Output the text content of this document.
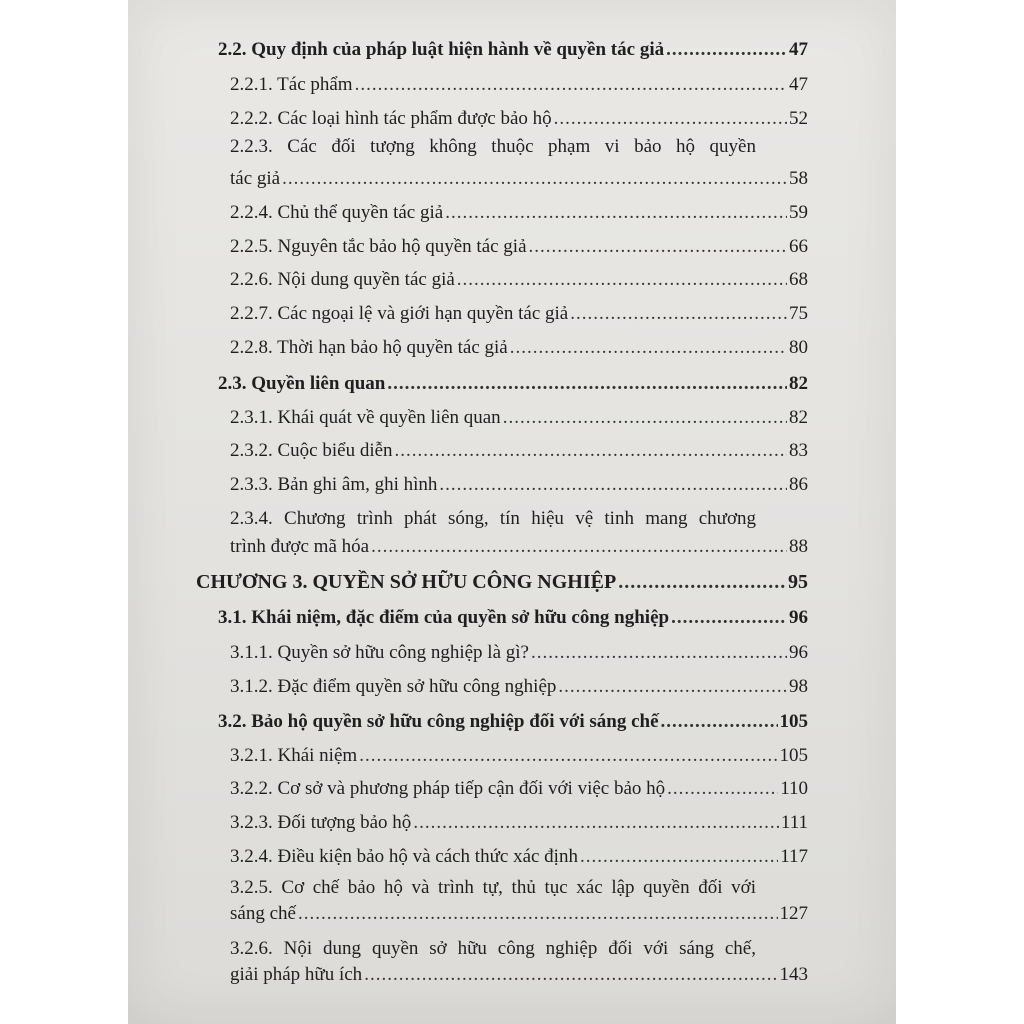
2.2. Quy định của pháp luật hiện hành về quyền tác giả .....	47
2.2.1. Tác phẩm .....	47
2.2.2. Các loại hình tác phẩm được bảo hộ .....	52
2.2.3. Các đối tượng không thuộc phạm vi bảo hộ quyền
tác giả .....	58
2.2.4. Chủ thể quyền tác giả .....	59
2.2.5. Nguyên tắc bảo hộ quyền tác giả .....	66
2.2.6. Nội dung quyền tác giả .....	68
2.2.7. Các ngoại lệ và giới hạn quyền tác giả .....	75
2.2.8. Thời hạn bảo hộ quyền tác giả .....	80
2.3. Quyền liên quan .....	82
2.3.1. Khái quát về quyền liên quan .....	82
2.3.2. Cuộc biểu diễn .....	83
2.3.3. Bản ghi âm, ghi hình .....	86
2.3.4. Chương trình phát sóng, tín hiệu vệ tinh mang chương
trình được mã hóa .....	88
CHƯƠNG 3. QUYỀN SỞ HỮU CÔNG NGHIỆP .....	95
3.1. Khái niệm, đặc điểm của quyền sở hữu công nghiệp .....	96
3.1.1. Quyền sở hữu công nghiệp là gì? .....	96
3.1.2. Đặc điểm quyền sở hữu công nghiệp .....	98
3.2. Bảo hộ quyền sở hữu công nghiệp đối với sáng chế .....	105
3.2.1. Khái niệm .....	105
3.2.2. Cơ sở và phương pháp tiếp cận đối với việc bảo hộ .....	110
3.2.3. Đối tượng bảo hộ .....	111
3.2.4. Điều kiện bảo hộ và cách thức xác định .....	117
3.2.5. Cơ chế bảo hộ và trình tự, thủ tục xác lập quyền đối với
sáng chế .....	127
3.2.6. Nội dung quyền sở hữu công nghiệp đối với sáng chế,
giải pháp hữu ích .....	143
